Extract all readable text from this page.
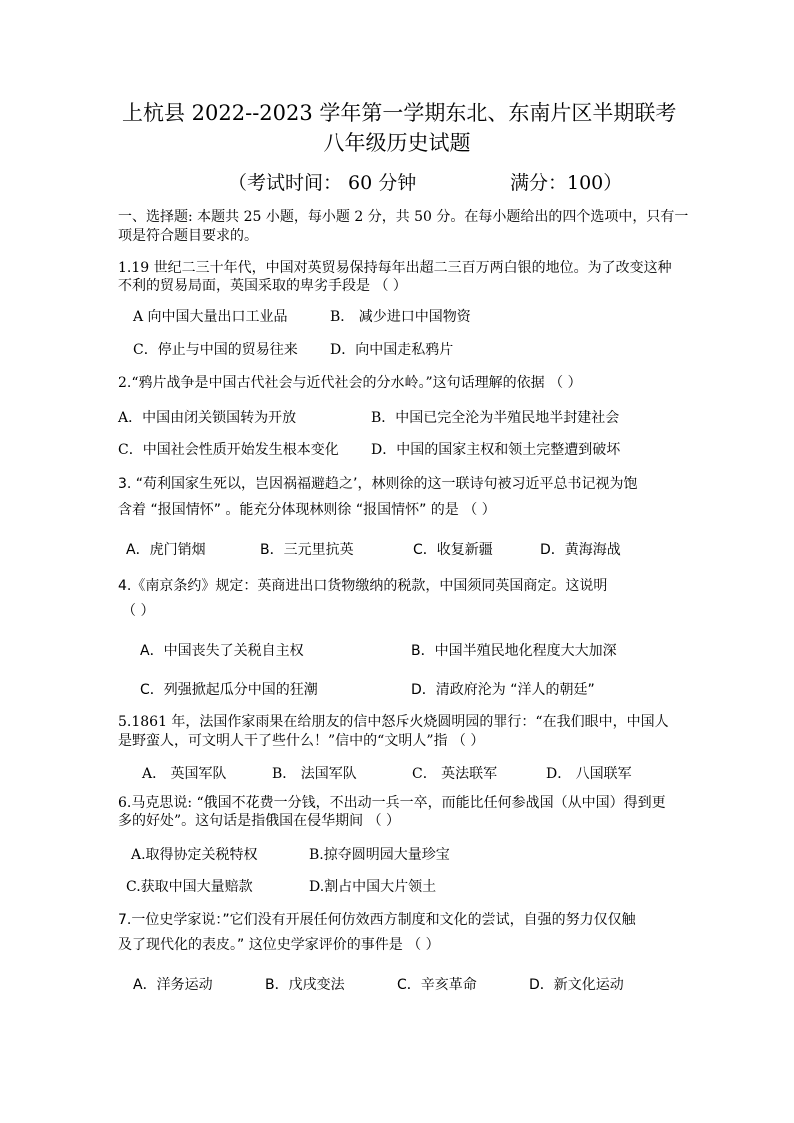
上杭县 2022--2023 学年第一学期东北、东南片区半期联考
八年级历史试题
（考试时间： 60 分钟	满分：100）
一、选择题: 本题共 25 小题，每小题 2 分，共 50 分。在每小题给出的四个选项中，只有一
项是符合题目要求的。
1.19 世纪二三十年代，中国对英贸易保持每年出超二三百万两白银的地位。为了改变这种
不利的贸易局面，英国采取的卑劣手段是 （ ）
A 向中国大量出口工业品	B． 减少进口中国物资
C．停止与中国的贸易往来 D．向中国走私鸦片
2.“鸦片战争是中国古代社会与近代社会的分水岭。”这句话理解的依据 （ ）
A．中国由闭关锁国转为开放	B．中国已完全沦为半殖民地半封建社会
C．中国社会性质开始发生根本变化 D．中国的国家主权和领土完整遭到破坏
3. “苟利国家生死以，岂因祸福避趋之’，林则徐的这一联诗句被习近平总书记视为饱
含着 “报国情怀” 。能充分体现林则徐 “报国情怀” 的是 （ ）
A．虎门销烟	B．三元里抗英	C．收复新疆	D．黄海海战
4.《南京条约》规定：英商进出口货物缴纳的税款，中国须同英国商定。这说明
（ ）
A．中国丧失了关税自主权	B．中国半殖民地化程度大大加深
C．列强掀起瓜分中国的狂潮	D．清政府沦为 “洋人的朝廷”
5.1861 年，法国作家雨果在给朋友的信中怒斥火烧圆明园的罪行：“在我们眼中，中国人
是野蛮人，可文明人干了些什么！”信中的“文明人”指 （ ）
A． 英国军队	B． 法国军队	C． 英法联军	D． 八国联军
6.马克思说: “俄国不花费一分钱，不出动一兵一卒，而能比任何参战国（从中国）得到更
多的好处”。这句话是指俄国在侵华期间 （ ）
A.取得协定关税特权	B.掠夺圆明园大量珍宝
C.获取中国大量赔款	D.割占中国大片领土
7.一位史学家说：”它们没有开展任何仿效西方制度和文化的尝试，自强的努力仅仅触
及了现代化的表皮。” 这位史学家评价的事件是 （ ）
A．洋务运动	B．戊戌变法	C．辛亥革命	D．新文化运动
